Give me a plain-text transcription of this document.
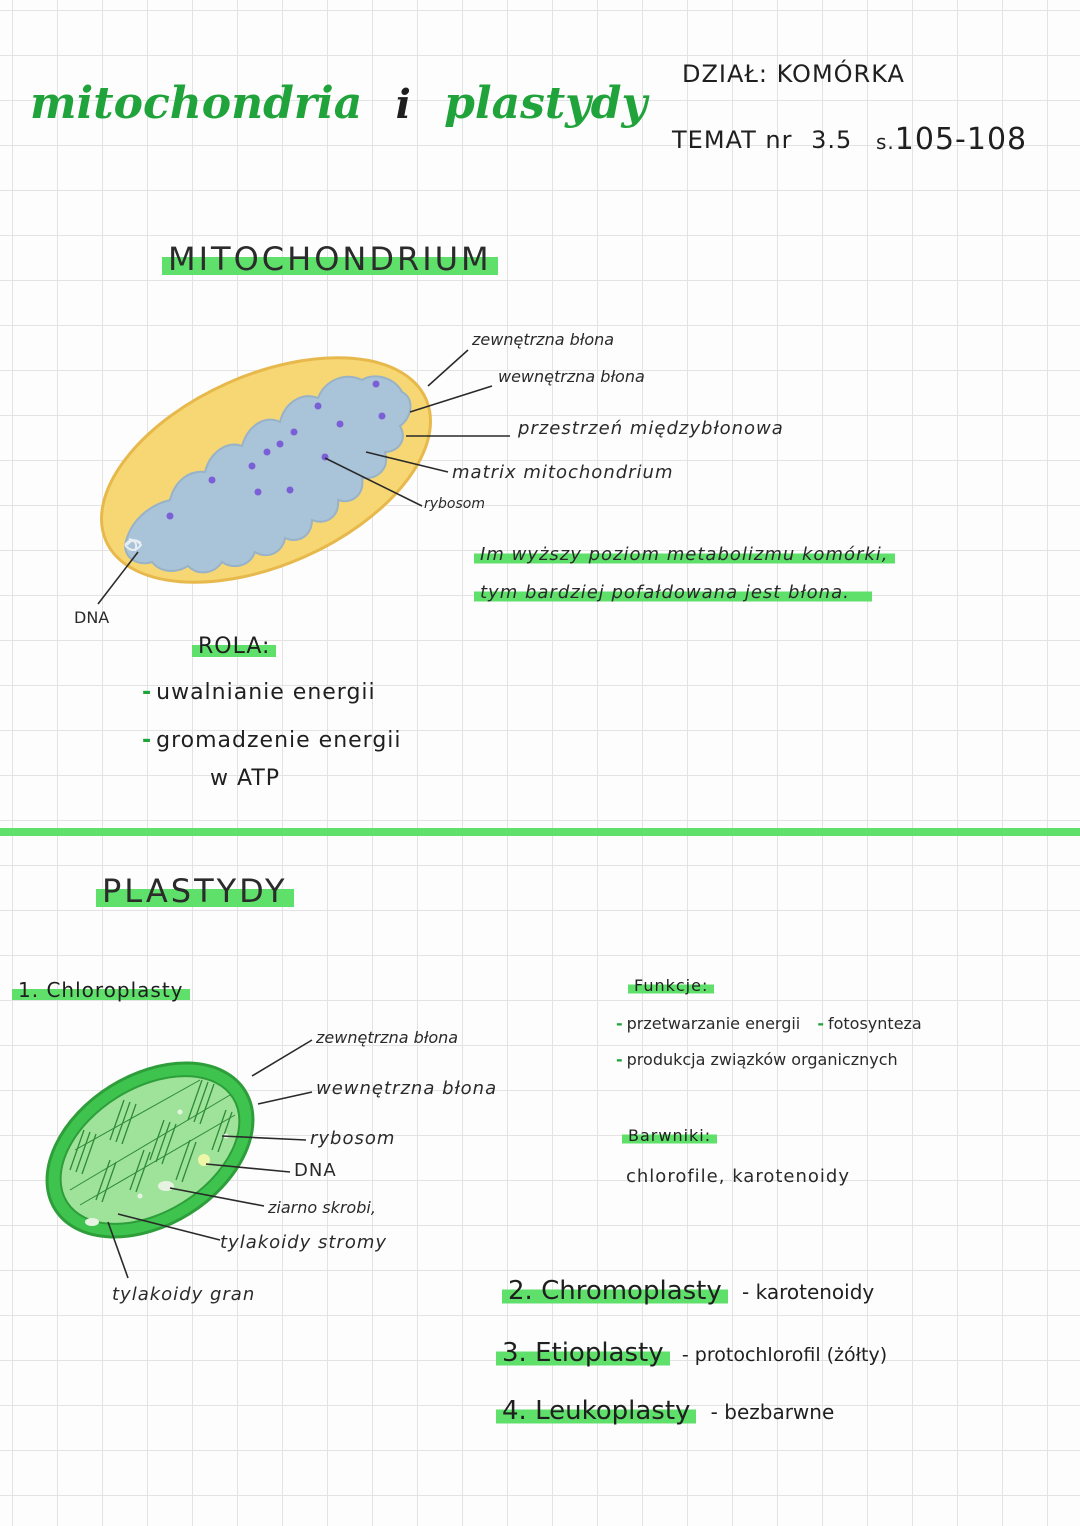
mitochondria i plastydy
DZIAŁ: KOMÓRKA
TEMAT nr 3.5 s.105-108
MITOCHONDRIUM
zewnętrzna błona
wewnętrzna błona
przestrzeń międzybłonowa
matrix mitochondrium
rybosom
DNA
Im wyższy poziom metabolizmu komórki,
tym bardziej pofałdowana jest błona.
ROLA:
- uwalnianie energii
- gromadzenie energii
w ATP
PLASTYDY
1. Chloroplasty
zewnętrzna błona
wewnętrzna błona
rybosom
DNA
ziarno skrobi,
tylakoidy stromy
tylakoidy gran
Funkcje:
- przetwarzanie energii - fotosynteza
- produkcja związków organicznych
Barwniki:
chlorofile, karotenoidy
2. Chromoplasty - karotenoidy
3. Etioplasty - protochlorofil (żółty)
4. Leukoplasty - bezbarwne
